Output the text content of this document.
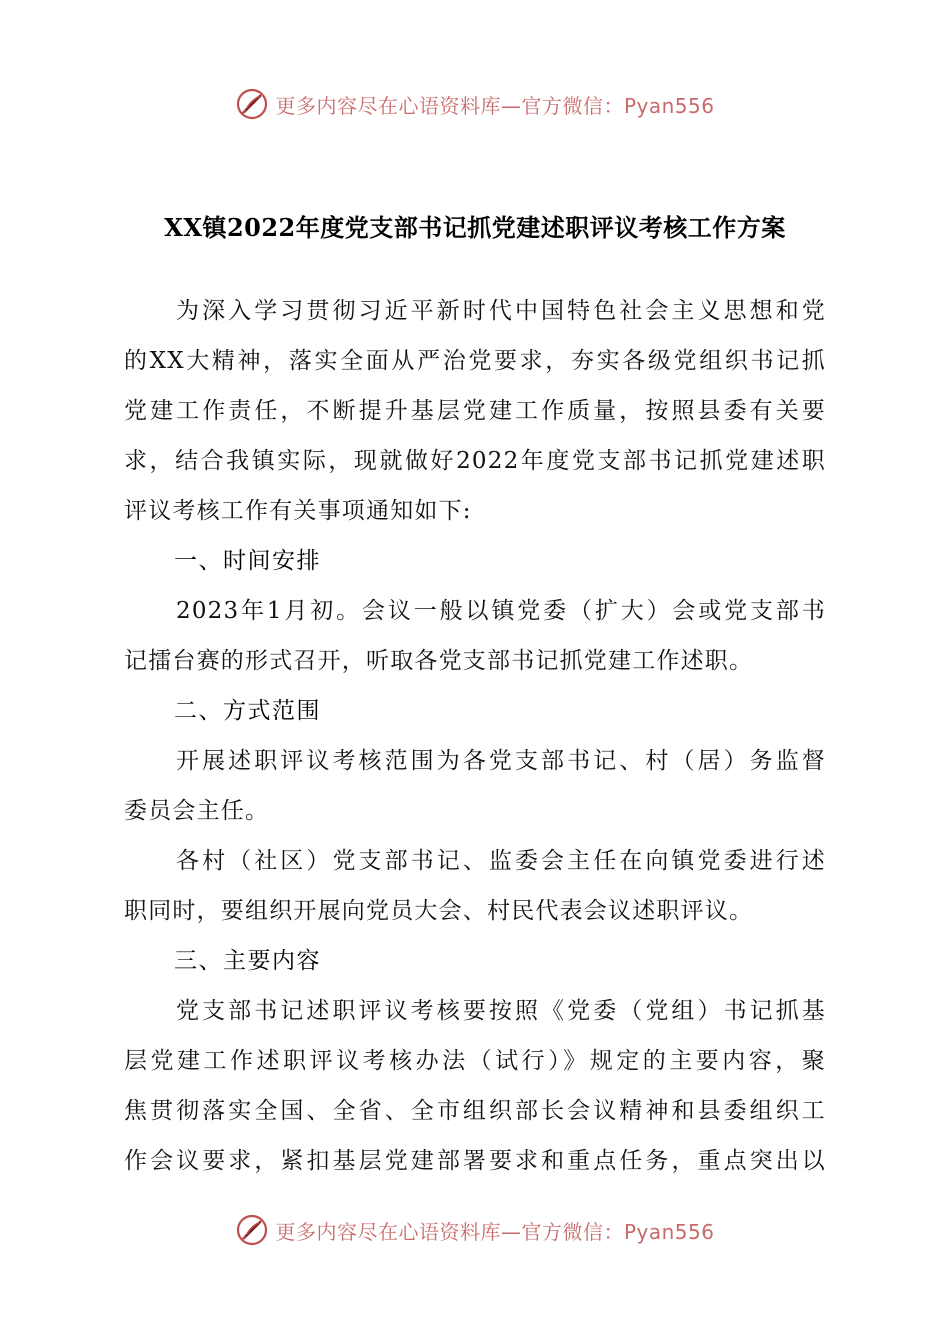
更多内容尽在心语资料库—官方微信：Pyan556
XX镇2022年度党支部书记抓党建述职评议考核工作方案
为深入学习贯彻习近平新时代中国特色社会主义思想和党
的XX大精神，落实全面从严治党要求，夯实各级党组织书记抓
党建工作责任，不断提升基层党建工作质量，按照县委有关要
求，结合我镇实际，现就做好2022年度党支部书记抓党建述职
评议考核工作有关事项通知如下:
一、时间安排
2023年1月初。会议一般以镇党委（扩大）会或党支部书
记擂台赛的形式召开，听取各党支部书记抓党建工作述职。
二、方式范围
开展述职评议考核范围为各党支部书记、村（居）务监督
委员会主任。
各村（社区）党支部书记、监委会主任在向镇党委进行述
职同时，要组织开展向党员大会、村民代表会议述职评议。
三、主要内容
党支部书记述职评议考核要按照《党委（党组）书记抓基
层党建工作述职评议考核办法（试行）》规定的主要内容，聚
焦贯彻落实全国、全省、全市组织部长会议精神和县委组织工
作会议要求，紧扣基层党建部署要求和重点任务，重点突出以
更多内容尽在心语资料库—官方微信：Pyan556
